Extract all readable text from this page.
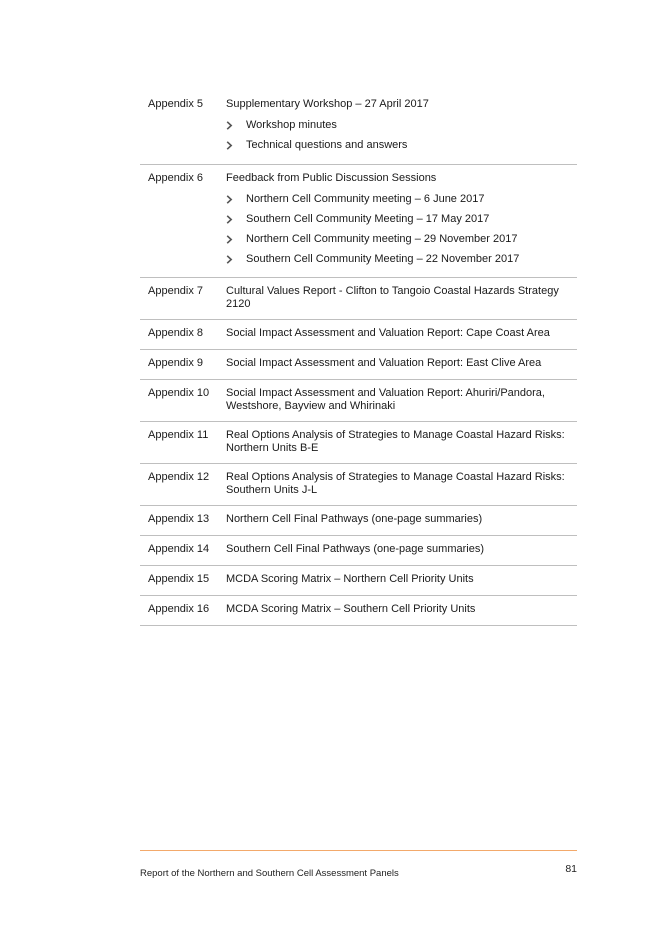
Appendix 5	Supplementary Workshop – 27 April 2017
Workshop minutes
Technical questions and answers
Appendix 6	Feedback from Public Discussion Sessions
Northern Cell Community meeting – 6 June 2017
Southern Cell Community Meeting – 17 May 2017
Northern Cell Community meeting – 29 November 2017
Southern Cell Community Meeting – 22 November 2017
Appendix 7	Cultural Values Report - Clifton to Tangoio Coastal Hazards Strategy 2120
Appendix 8	Social Impact Assessment and Valuation Report: Cape Coast Area
Appendix 9	Social Impact Assessment and Valuation Report: East Clive Area
Appendix 10	Social Impact Assessment and Valuation Report: Ahuriri/Pandora, Westshore, Bayview and Whirinaki
Appendix 11	Real Options Analysis of Strategies to Manage Coastal Hazard Risks: Northern Units B-E
Appendix 12	Real Options Analysis of Strategies to Manage Coastal Hazard Risks: Southern Units J-L
Appendix 13	Northern Cell Final Pathways (one-page summaries)
Appendix 14	Southern Cell Final Pathways (one-page summaries)
Appendix 15	MCDA Scoring Matrix – Northern Cell Priority Units
Appendix 16	MCDA Scoring Matrix – Southern Cell Priority Units
Report of the Northern and Southern Cell Assessment Panels	81
